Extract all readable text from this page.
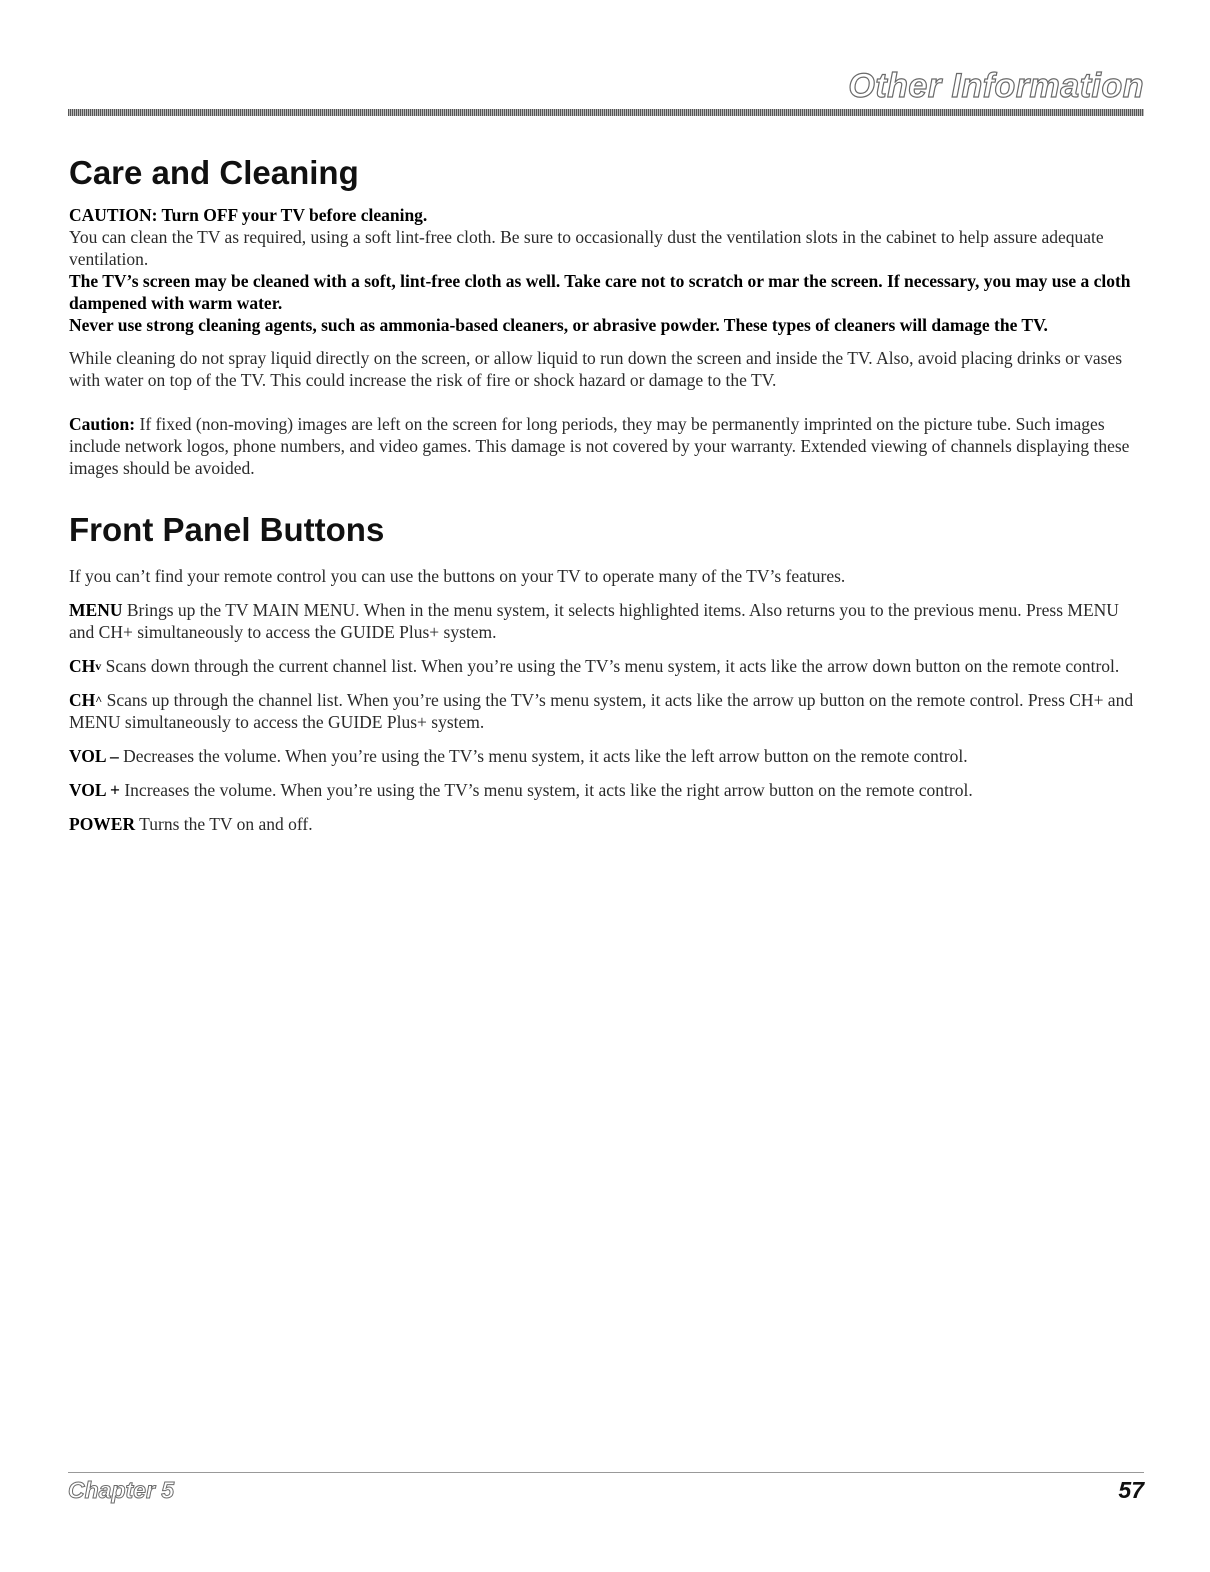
Other Information
Care and Cleaning

CAUTION: Turn OFF your TV before cleaning.

You can clean the TV as required, using a soft lint-free cloth. Be sure to occasionally dust the ventilation slots in the cabinet to help assure adequate ventilation.

The TV’s screen may be cleaned with a soft, lint-free cloth as well. Take care not to scratch or mar the screen. If necessary, you may use a cloth dampened with warm water.

Never use strong cleaning agents, such as ammonia-based cleaners, or abrasive powder. These types of cleaners will damage the TV.

While cleaning do not spray liquid directly on the screen, or allow liquid to run down the screen and inside the TV. Also, avoid placing drinks or vases with water on top of the TV. This could increase the risk of fire or shock hazard or damage to the TV.

Caution: If fixed (non-moving) images are left on the screen for long periods, they may be permanently imprinted on the picture tube. Such images include network logos, phone numbers, and video games. This damage is not covered by your warranty. Extended viewing of channels displaying these images should be avoided.

Front Panel Buttons

If you can’t find your remote control you can use the buttons on your TV to operate many of the TV’s features.

MENU Brings up the TV MAIN MENU. When in the menu system, it selects highlighted items. Also returns you to the previous menu. Press MENU and CH+ simultaneously to access the GUIDE Plus+ system.

CHv Scans down through the current channel list. When you’re using the TV’s menu system, it acts like the arrow down button on the remote control.

CH^ Scans up through the channel list. When you’re using the TV’s menu system, it acts like the arrow up button on the remote control. Press CH+ and MENU simultaneously to access the GUIDE Plus+ system.

VOL – Decreases the volume. When you’re using the TV’s menu system, it acts like the left arrow button on the remote control.

VOL + Increases the volume. When you’re using the TV’s menu system, it acts like the right arrow button on the remote control.

POWER Turns the TV on and off.

Chapter 5	57
